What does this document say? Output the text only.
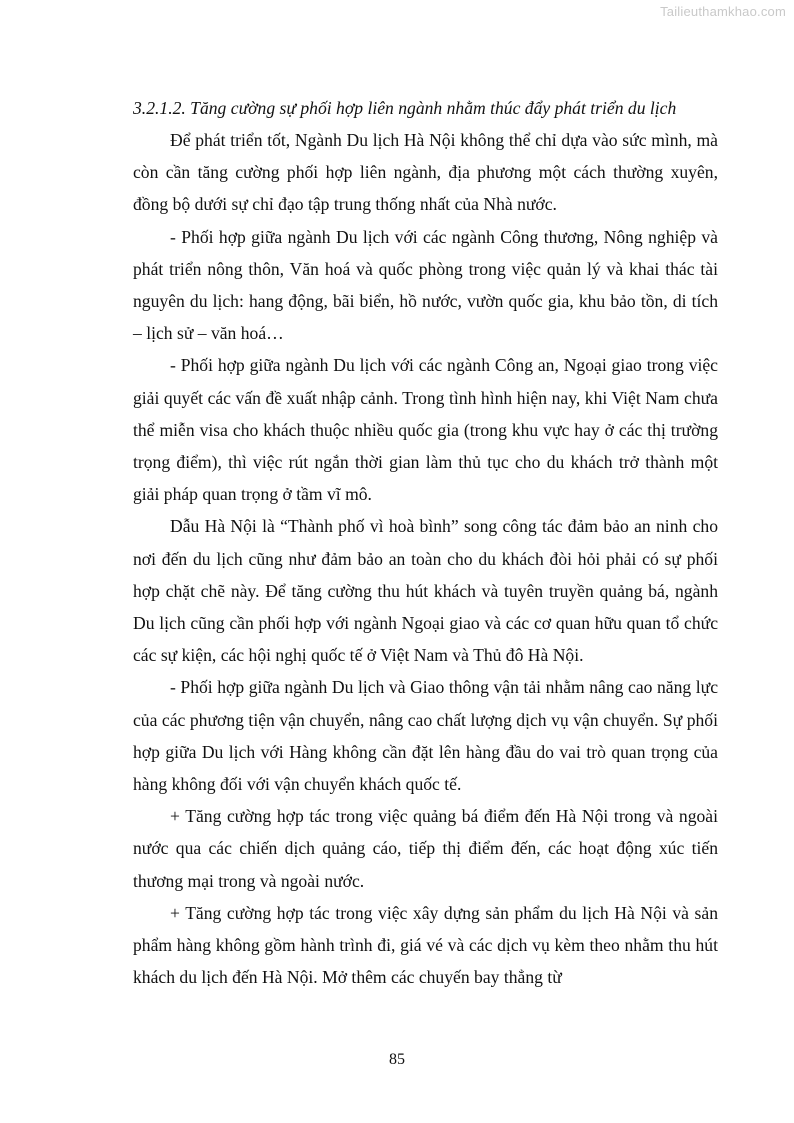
Tailieuthamkhao.com

3.2.1.2. Tăng cường sự phối hợp liên ngành nhằm thúc đẩy phát triển du lịch

Để phát triển tốt, Ngành Du lịch Hà Nội không thể chỉ dựa vào sức mình, mà còn cần tăng cường phối hợp liên ngành, địa phương một cách thường xuyên, đồng bộ dưới sự chỉ đạo tập trung thống nhất của Nhà nước.

- Phối hợp giữa ngành Du lịch với các ngành Công thương, Nông nghiệp và phát triển nông thôn, Văn hoá và quốc phòng trong việc quản lý và khai thác tài nguyên du lịch: hang động, bãi biển, hồ nước, vườn quốc gia, khu bảo tồn, di tích – lịch sử – văn hoá…

- Phối hợp giữa ngành Du lịch với các ngành Công an, Ngoại giao trong việc giải quyết các vấn đề xuất nhập cảnh. Trong tình hình hiện nay, khi Việt Nam chưa thể miễn visa cho khách thuộc nhiều quốc gia (trong khu vực hay ở các thị trường trọng điểm), thì việc rút ngắn thời gian làm thủ tục cho du khách trở thành một giải pháp quan trọng ở tầm vĩ mô.

Dẫu Hà Nội là “Thành phố vì hoà bình” song công tác đảm bảo an ninh cho nơi đến du lịch cũng như đảm bảo an toàn cho du khách đòi hỏi phải có sự phối hợp chặt chẽ này. Để tăng cường thu hút khách và tuyên truyền quảng bá, ngành Du lịch cũng cần phối hợp với ngành Ngoại giao và các cơ quan hữu quan tổ chức các sự kiện, các hội nghị quốc tế ở Việt Nam và Thủ đô Hà Nội.

- Phối hợp giữa ngành Du lịch và Giao thông vận tải nhằm nâng cao năng lực của các phương tiện vận chuyển, nâng cao chất lượng dịch vụ vận chuyển. Sự phối hợp giữa Du lịch với Hàng không cần đặt lên hàng đầu do vai trò quan trọng của hàng không đối với vận chuyển khách quốc tế.

+ Tăng cường hợp tác trong việc quảng bá điểm đến Hà Nội trong và ngoài nước qua các chiến dịch quảng cáo, tiếp thị điểm đến, các hoạt động xúc tiến thương mại trong và ngoài nước.

+ Tăng cường hợp tác trong việc xây dựng sản phẩm du lịch Hà Nội và sản phẩm hàng không gồm hành trình đi, giá vé và các dịch vụ kèm theo nhằm thu hút khách du lịch đến Hà Nội. Mở thêm các chuyến bay thẳng từ

85
